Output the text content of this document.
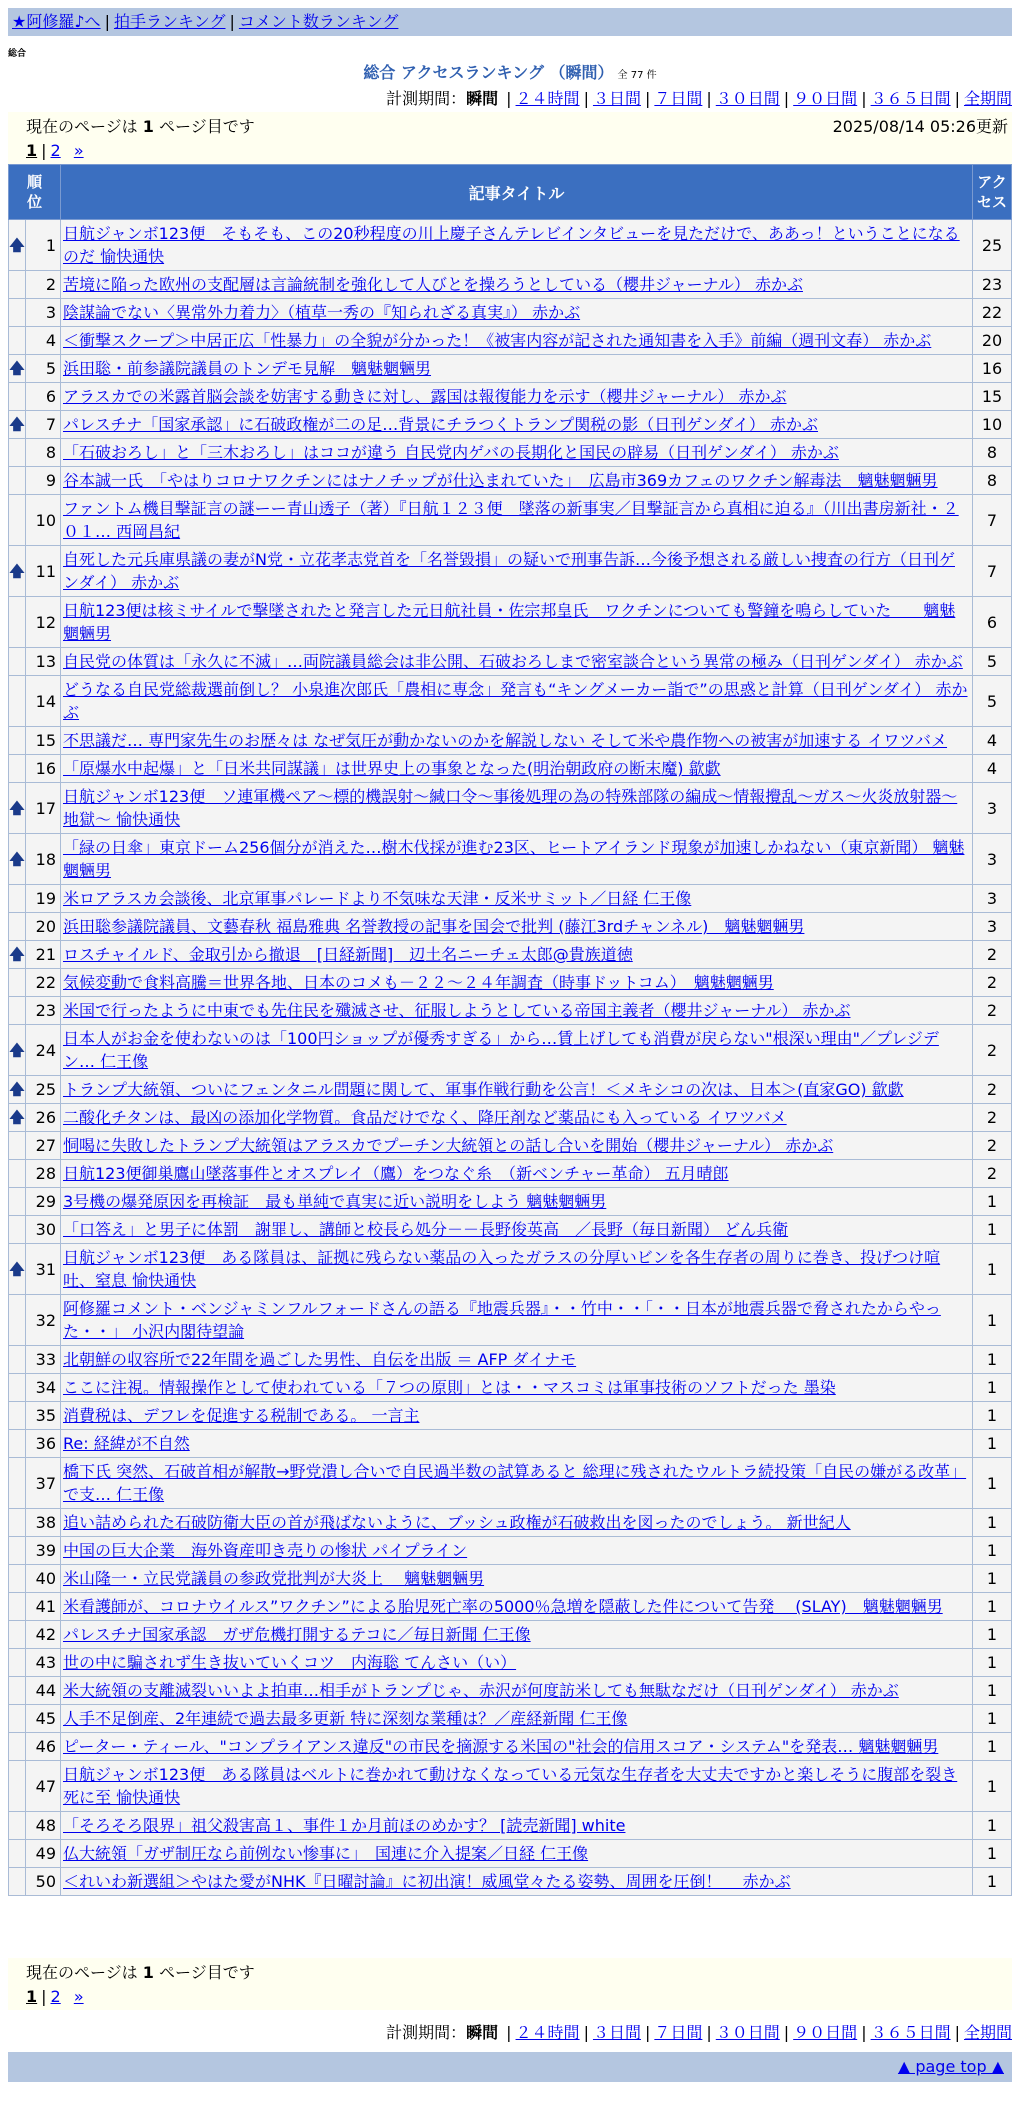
★阿修羅♪へ | 拍手ランキング | コメント数ランキング
総合
総合 アクセスランキング （瞬間） 全 77 件
計測期間：瞬間 | ２４時間 | ３日間 | ７日間 | ３０日間 | ９０日間 | ３６５日間 | 全期間
現在のページは 1 ページ目です	2025/08/14 05:26更新
1 | 2 »
順位		記事タイトル	アクセス
🡅	1	日航ジャンボ123便　そもそも、この20秒程度の川上慶子さんテレビインタビューを見ただけで、ああっ！ということになるのだ 愉快通快	25
	2	苦境に陥った欧州の支配層は言論統制を強化して人びとを操ろうとしている（櫻井ジャーナル） 赤かぶ	23
	3	陰謀論でない〈異常外力着力〉（植草一秀の『知られざる真実』） 赤かぶ	22
	4	＜衝撃スクープ＞中居正広「性暴力」の全貌が分かった！《被害内容が記された通知書を入手》前編（週刊文春） 赤かぶ	20
🡅	5	浜田聡・前参議院議員のトンデモ見解　魑魅魍魎男	16
	6	アラスカでの米露首脳会談を妨害する動きに対し、露国は報復能力を示す（櫻井ジャーナル） 赤かぶ	15
🡅	7	パレスチナ「国家承認」に石破政権が二の足…背景にチラつくトランプ関税の影（日刊ゲンダイ） 赤かぶ	10
	8	「石破おろし」と「三木おろし」はココが違う 自民党内ゲバの長期化と国民の辟易（日刊ゲンダイ） 赤かぶ	8
	9	谷本誠一氏　「やはりコロナワクチンにはナノチップが仕込まれていた」　広島市369カフェのワクチン解毒法　魑魅魍魎男	8
	10	ファントム機目撃証言の謎ーー青山透子（著）『日航１２３便　墜落の新事実／目撃証言から真相に迫る』（川出書房新社・２０１… 西岡昌紀	7
🡅	11	自死した元兵庫県議の妻がN党・立花孝志党首を「名誉毀損」の疑いで刑事告訴…今後予想される厳しい捜査の行方（日刊ゲンダイ） 赤かぶ	7
	12	日航123便は核ミサイルで撃墜されたと発言した元日航社員・佐宗邦皇氏　ワクチンについても警鐘を鳴らしていた　　魑魅魍魎男	6
	13	自民党の体質は「永久に不滅」…両院議員総会は非公開、石破おろしまで密室談合という異常の極み（日刊ゲンダイ） 赤かぶ	5
	14	どうなる自民党総裁選前倒し？ 小泉進次郎氏「農相に専念」発言も“キングメーカー詣で”の思惑と計算（日刊ゲンダイ） 赤かぶ	5
	15	不思議だ… 専門家先生のお歴々は なぜ気圧が動かないのかを解説しない そして米や農作物への被害が加速する イワツバメ	4
	16	「原爆水中起爆」と「日米共同謀議」は世界史上の事象となった(明治朝政府の断末魔) 歙歔	4
🡅	17	日航ジャンボ123便　ソ連軍機ペア〜標的機誤射〜緘口令〜事後処理の為の特殊部隊の編成〜情報攪乱〜ガス〜火炎放射器〜地獄〜 愉快通快	3
🡅	18	「緑の日傘」東京ドーム256個分が消えた…樹木伐採が進む23区、ヒートアイランド現象が加速しかねない（東京新聞） 魑魅魍魎男	3
	19	米ロアラスカ会談後、北京軍事パレードより不気味な天津・反米サミット／日経 仁王像	3
	20	浜田聡参議院議員、文藝春秋 福島雅典 名誉教授の記事を国会で批判 (藤江3rdチャンネル)　魑魅魍魎男	3
🡅	21	ロスチャイルド、金取引から撤退　[日経新聞]　辺土名ニーチェ太郎@貴族道徳	2
	22	気候変動で食料高騰＝世界各地、日本のコメも－２２～２４年調査（時事ドットコム）　魑魅魍魎男	2
	23	米国で行ったように中東でも先住民を殲滅させ、征服しようとしている帝国主義者（櫻井ジャーナル） 赤かぶ	2
🡅	24	日本人がお金を使わないのは「100円ショップが優秀すぎる」から…賃上げしても消費が戻らない"根深い理由"／プレジデン… 仁王像	2
🡅	25	トランプ大統領、ついにフェンタニル問題に関して、軍事作戦行動を公言！＜メキシコの次は、日本＞(直家GO) 歙歔	2
🡅	26	二酸化チタンは、最凶の添加化学物質。食品だけでなく、降圧剤など薬品にも入っている イワツバメ	2
	27	恫喝に失敗したトランプ大統領はアラスカでプーチン大統領との話し合いを開始（櫻井ジャーナル） 赤かぶ	2
	28	日航123便御巣鷹山墜落事件とオスプレイ（鷹）をつなぐ糸　（新ベンチャー革命） 五月晴郎	2
	29	3号機の爆発原因を再検証　最も単純で真実に近い説明をしよう 魑魅魍魎男	1
	30	「口答え」と男子に体罰　謝罪し、講師と校長ら処分－－長野俊英高　／長野（毎日新聞） どん兵衛	1
🡅	31	日航ジャンボ123便　ある隊員は、証拠に残らない薬品の入ったガラスの分厚いビンを各生存者の周りに巻き、投げつけ喧吐、窒息 愉快通快	1
	32	阿修羅コメント・ベンジャミンフルフォードさんの語る『地震兵器』・・竹中・・「・・日本が地震兵器で脅されたからやった・・」 小沢内閣待望論	1
	33	北朝鮮の収容所で22年間を過ごした男性、自伝を出版 ＝ AFP ダイナモ	1
	34	ここに注視。情報操作として使われている「７つの原則」とは・・マスコミは軍事技術のソフトだった 墨染	1
	35	消費税は、デフレを促進する税制である。 一言主	1
	36	Re: 経緯が不自然	1
	37	橋下氏 突然、石破首相が解散→野党潰し合いで自民過半数の試算あると 総理に残されたウルトラ続投策「自民の嫌がる改革」で支… 仁王像	1
	38	追い詰められた石破防衛大臣の首が飛ばないように、ブッシュ政権が石破救出を図ったのでしょう。 新世紀人	1
	39	中国の巨大企業　海外資産叩き売りの惨状 パイプライン	1
	40	米山隆一・立民党議員の参政党批判が大炎上　 魑魅魍魎男	1
	41	米看護師が、コロナウイルス”ワクチン”による胎児死亡率の5000％急増を隠蔽した件について告発　 (SLAY)　魑魅魍魎男	1
	42	パレスチナ国家承認　ガザ危機打開するテコに／毎日新聞 仁王像	1
	43	世の中に騙されず生き抜いていくコツ　内海聡 てんさい（い）	1
	44	米大統領の支離滅裂いいよよ拍車…相手がトランプじゃ、赤沢が何度訪米しても無駄なだけ（日刊ゲンダイ） 赤かぶ	1
	45	人手不足倒産、2年連続で過去最多更新 特に深刻な業種は？／産経新聞 仁王像	1
	46	ピーター・ティール、"コンプライアンス違反"の市民を摘源する米国の"社会的信用スコア・システム"を発表… 魑魅魍魎男	1
	47	日航ジャンボ123便　ある隊員はベルトに巻かれて動けなくなっている元気な生存者を大丈夫ですかと楽しそうに腹部を裂き死に至 愉快通快	1
	48	「そろそろ限界」祖父殺害高１、事件１か月前ほのめかす？ [読売新聞] white	1
	49	仏大統領「ガザ制圧なら前例ない惨事に」　国連に介入提案／日経 仁王像	1
	50	＜れいわ新選組＞やはた愛がNHK『日曜討論』に初出演！威風堂々たる姿勢、周囲を圧倒！　 赤かぶ	1
現在のページは 1 ページ目です
1 | 2 »
計測期間：瞬間 | ２４時間 | ３日間 | ７日間 | ３０日間 | ９０日間 | ３６５日間 | 全期間
▲ page top ▲
